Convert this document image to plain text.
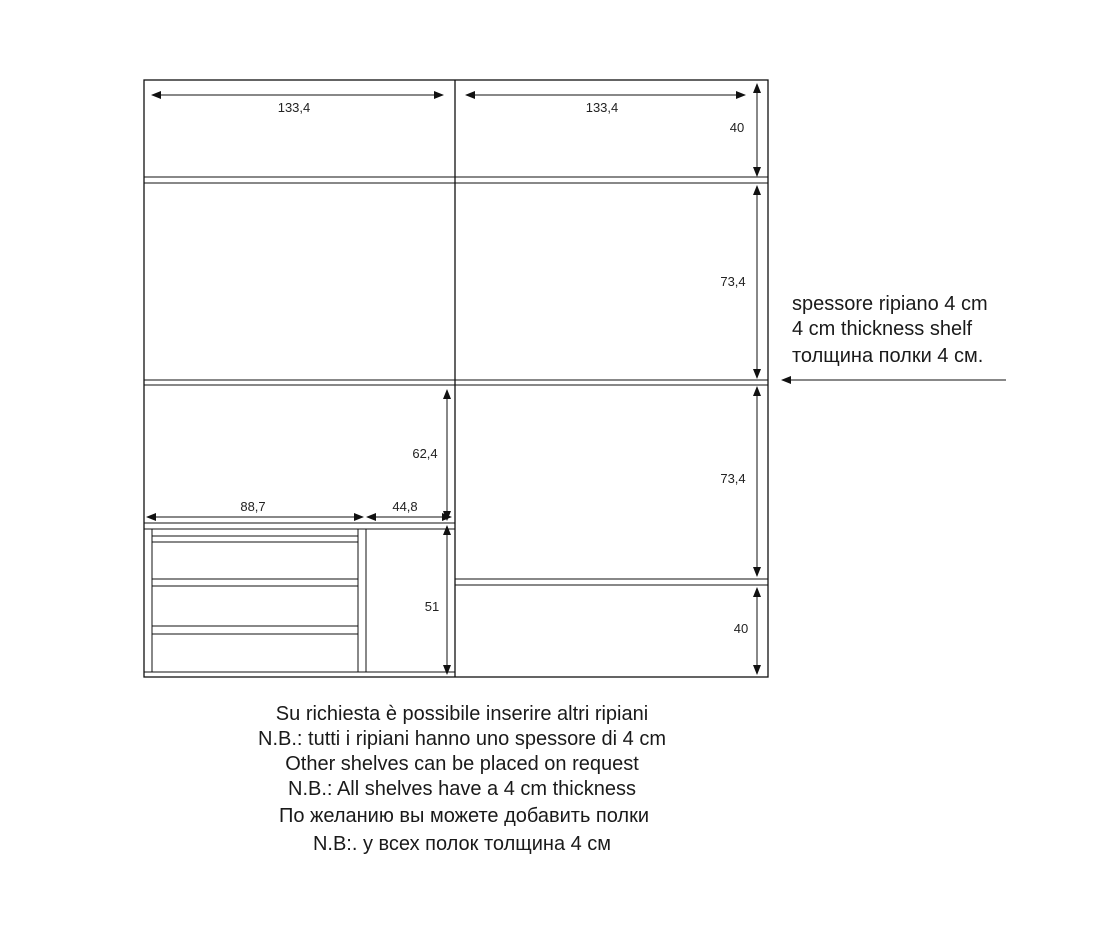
133,4	133,4
40
73,4
73,4
62,4
88,7	44,8
51
40
spessore ripiano 4 cm
4 cm thickness shelf
толщина полки 4 см.
Su richiesta è possibile inserire altri ripiani
N.B.: tutti i ripiani hanno uno spessore di 4 cm
Other shelves can be placed on request
N.B.: All shelves have a 4 cm thickness
По желанию вы можете добавить полки
N.B:. у всех полок толщина 4 см
